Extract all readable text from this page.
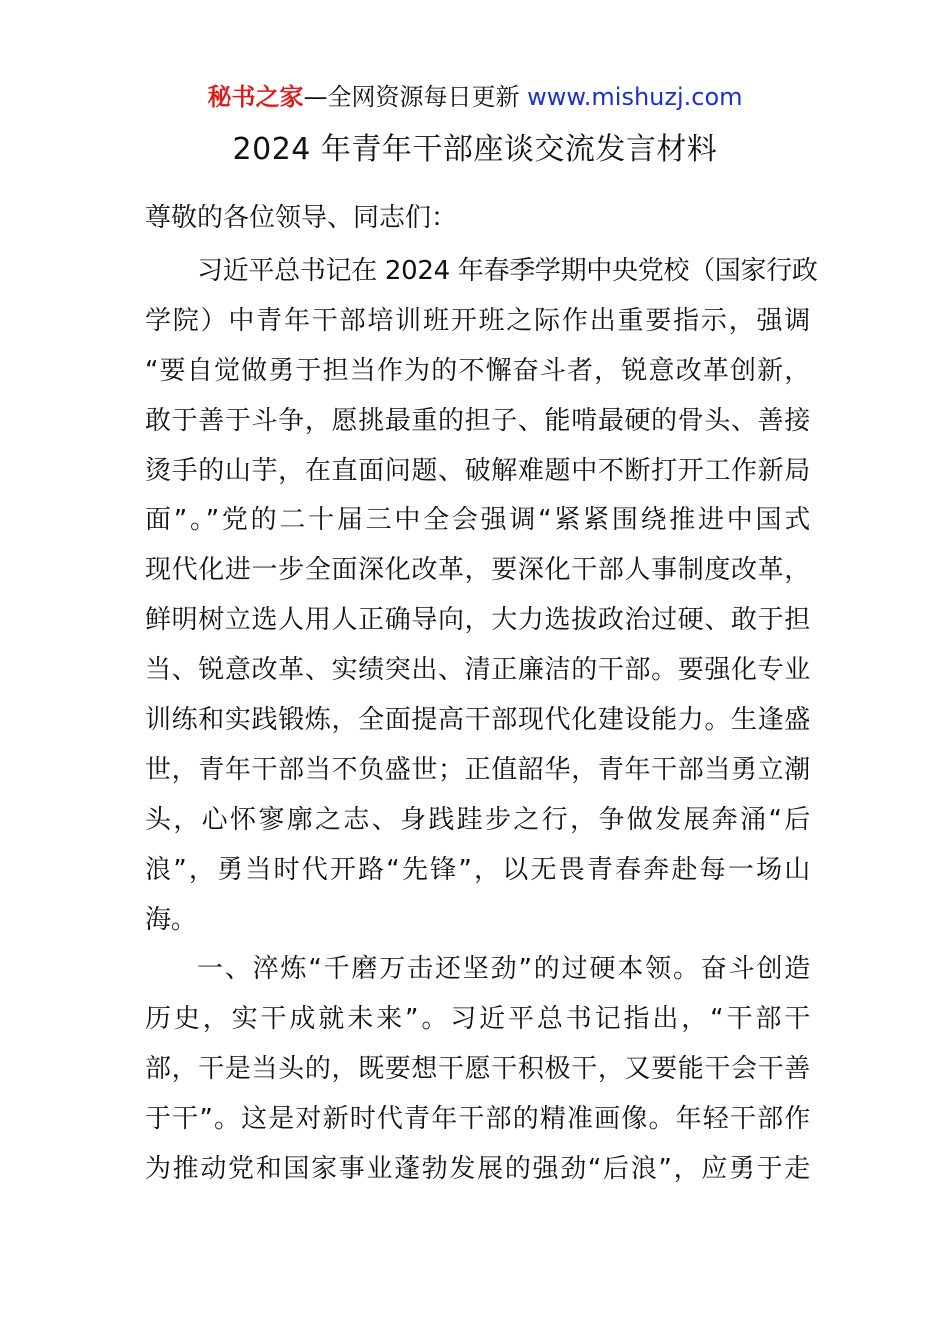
秘书之家—全网资源每日更新 www.mishuzj.com
2024 年青年干部座谈交流发言材料
尊敬的各位领导、同志们：
习近平总书记在 2024 年春季学期中央党校（国家行政
学院）中青年干部培训班开班之际作出重要指示，强调
“要自觉做勇于担当作为的不懈奋斗者，锐意改革创新，
敢于善于斗争，愿挑最重的担子、能啃最硬的骨头、善接
烫手的山芋，在直面问题、破解难题中不断打开工作新局
面”。”党的二十届三中全会强调“紧紧围绕推进中国式
现代化进一步全面深化改革，要深化干部人事制度改革，
鲜明树立选人用人正确导向，大力选拔政治过硬、敢于担
当、锐意改革、实绩突出、清正廉洁的干部。要强化专业
训练和实践锻炼，全面提高干部现代化建设能力。生逢盛
世，青年干部当不负盛世；正值韶华，青年干部当勇立潮
头，心怀寥廓之志、身践跬步之行，争做发展奔涌“后
浪”，勇当时代开路“先锋”，以无畏青春奔赴每一场山
海。
一、淬炼“千磨万击还坚劲”的过硬本领。奋斗创造
历史，实干成就未来”。习近平总书记指出，“干部干
部，干是当头的，既要想干愿干积极干，又要能干会干善
于干”。这是对新时代青年干部的精准画像。年轻干部作
为推动党和国家事业蓬勃发展的强劲“后浪”，应勇于走
